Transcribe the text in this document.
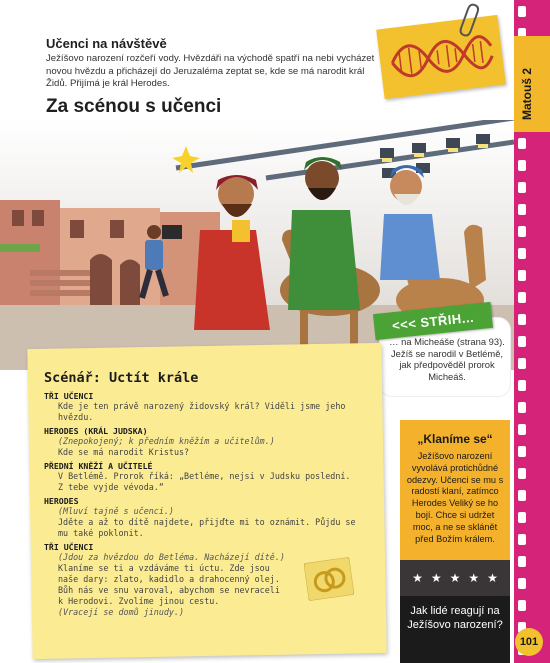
Matouš 2
Učenci na návštěvě
Ježíšovo narození rozčeří vody. Hvězdáři na východě spatří na nebi vycházet novou hvězdu a přicházejí do Jeruzaléma zeptat se, kde se má narodit král Židů. Přijímá je král Herodes.
Za scénou s učenci
<<< STŘIH...
… na Micheáše (strana 93). Ježíš se narodil v Betlémě, jak předpověděl prorok Micheáš.
Scénář: Uctít krále
TŘI UČENCI
Kde je ten právě narozený židovský král? Viděli jsme jeho
hvězdu.
HERODES (KRÁL JUDSKA)
(Znepokojený; k předním kněžím a učitelům.)
Kde se má narodit Kristus?
PŘEDNÍ KNĚŽÍ A UČITELÉ
V Betlémě. Prorok říká: „Betléme, nejsi v Judsku poslední.
Z tebe vyjde vévoda.“
HERODES
(Mluví tajně s učenci.)
Jděte a až to dítě najdete, přijďte mi to oznámit. Půjdu se
mu také poklonit.
TŘI UČENCI
(Jdou za hvězdou do Betléma. Nacházejí dítě.)
Klaníme se ti a vzdáváme ti úctu. Zde jsou
naše dary: zlato, kadidlo a drahocenný olej.
Bůh nás ve snu varoval, abychom se nevraceli
k Herodovi. Zvolíme jinou cestu.
(Vracejí se domů jinudy.)
„Klaníme se“
Ježíšovo narození vyvolává protichůdné odezvy. Učenci se mu s radostí klaní, zatímco Herodes Veliký se ho bojí. Chce si udržet moc, a ne se sklánět před Božím králem.
★ ★ ★ ★ ★
Jak lidé reagují na Ježíšovo narození?
101
